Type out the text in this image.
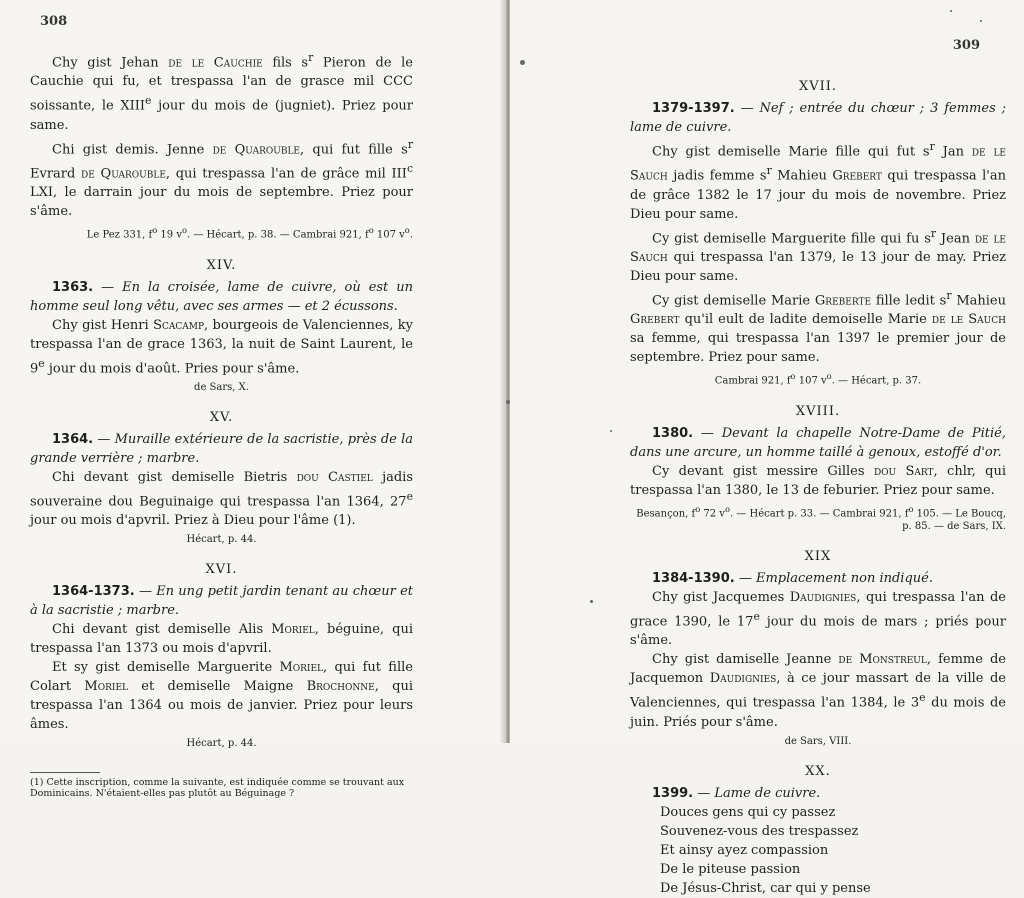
308

Chy gist Jehan de le Cauchie fils $s^r$ Pieron de le Cauchie qui fu, et trespassa l'an de grasce mil CCC soissante, le XIIIe jour du mois de (jugniet). Priez pour same.

Chi gist demis. Jenne de Quarouble, qui fut fille $s^r$ Evrard de Quarouble, qui trespassa l'an de grâce mil III$^c$ LXI, le darrain jour du mois de septembre. Priez pour s'âme.

Le Pez 331, $f^o$ 19 $v^o$. — Hécart, p. 38. — Cambrai 921, $f^o$ 107 $v^o$.

XIV.

1363. — En la croisée, lame de cuivre, où est un homme seul long vêtu, avec ses armes — et 2 écussons.

Chy gist Henri Scacamp, bourgeois de Valenciennes, ky trespassa l'an de grace 1363, la nuit de Saint Laurent, le 9e jour du mois d'août. Pries pour s'âme.

de Sars, X.

XV.

1364. — Muraille extérieure de la sacristie, près de la grande verrière ; marbre.

Chi devant gist demiselle Bietris dou Castiel jadis souveraine dou Beguinaige qui trespassa l'an 1364, 27e jour ou mois d'apvril. Priez à Dieu pour l'âme (1).

Hécart, p. 44.

XVI.

1364-1373. — En ung petit jardin tenant au chœur et à la sacristie ; marbre.

Chi devant gist demiselle Alis Moriel, béguine, qui trespassa l'an 1373 ou mois d'apvril.

Et sy gist demiselle Marguerite Moriel, qui fut fille Colart Moriel et demiselle Maigne Brochonne, qui trespassa l'an 1364 ou mois de janvier. Priez pour leurs âmes.

Hécart, p. 44.

(1) Cette inscription, comme la suivante, est indiquée comme se trouvant aux Dominicains. N'étaient-elles pas plutôt au Béguinage ?
309
XVII.

1379-1397. — Nef ; entrée du chœur ; 3 femmes ; lame de cuivre.

Chy gist demiselle Marie fille qui fut $s^r$ Jan de le Sauch jadis femme $s^r$ Mahieu Grebert qui trespassa l'an de grâce 1382 le 17 jour du mois de novembre. Priez Dieu pour same.

Cy gist demiselle Marguerite fille qui fu $s^r$ Jean de le Sauch qui trespassa l'an 1379, le 13 jour de may. Priez Dieu pour same.

Cy gist demiselle Marie Greberte fille ledit $s^r$ Mahieu Grebert qu'il eult de ladite demoiselle Marie de le Sauch sa femme, qui trespassa l'an 1397 le premier jour de septembre. Priez pour same.

Cambrai 921, $f^o$ 107 $v^o$. — Hécart, p. 37.

XVIII.

1380. — Devant la chapelle Notre-Dame de Pitié, dans une arcure, un homme taillé à genoux, estoffé d'or.

Cy devant gist messire Gilles dou Sart, chlr, qui trespassa l'an 1380, le 13 de feburier. Priez pour same.

Besançon, $f^o$ 72 $v^o$. — Hécart p. 33. — Cambrai 921, $f^o$ 105. — Le Boucq, p. 85. — de Sars, IX.

XIX

1384-1390. — Emplacement non indiqué.

Chy gist Jacquemes Daudignies, qui trespassa l'an de grace 1390, le 17e jour du mois de mars ; priés pour s'âme.

Chy gist damiselle Jeanne de Monstreul, femme de Jacquemon Daudignies, à ce jour massart de la ville de Valenciennes, qui trespassa l'an 1384, le 3e du mois de juin. Priés pour s'âme.

de Sars, VIII.

XX.

1399. — Lame de cuivre.

Douces gens qui cy passez
Souvenez-vous des trespassez
Et ainsy ayez compassion
De le piteuse passion
De Jésus-Christ, car qui y pense
